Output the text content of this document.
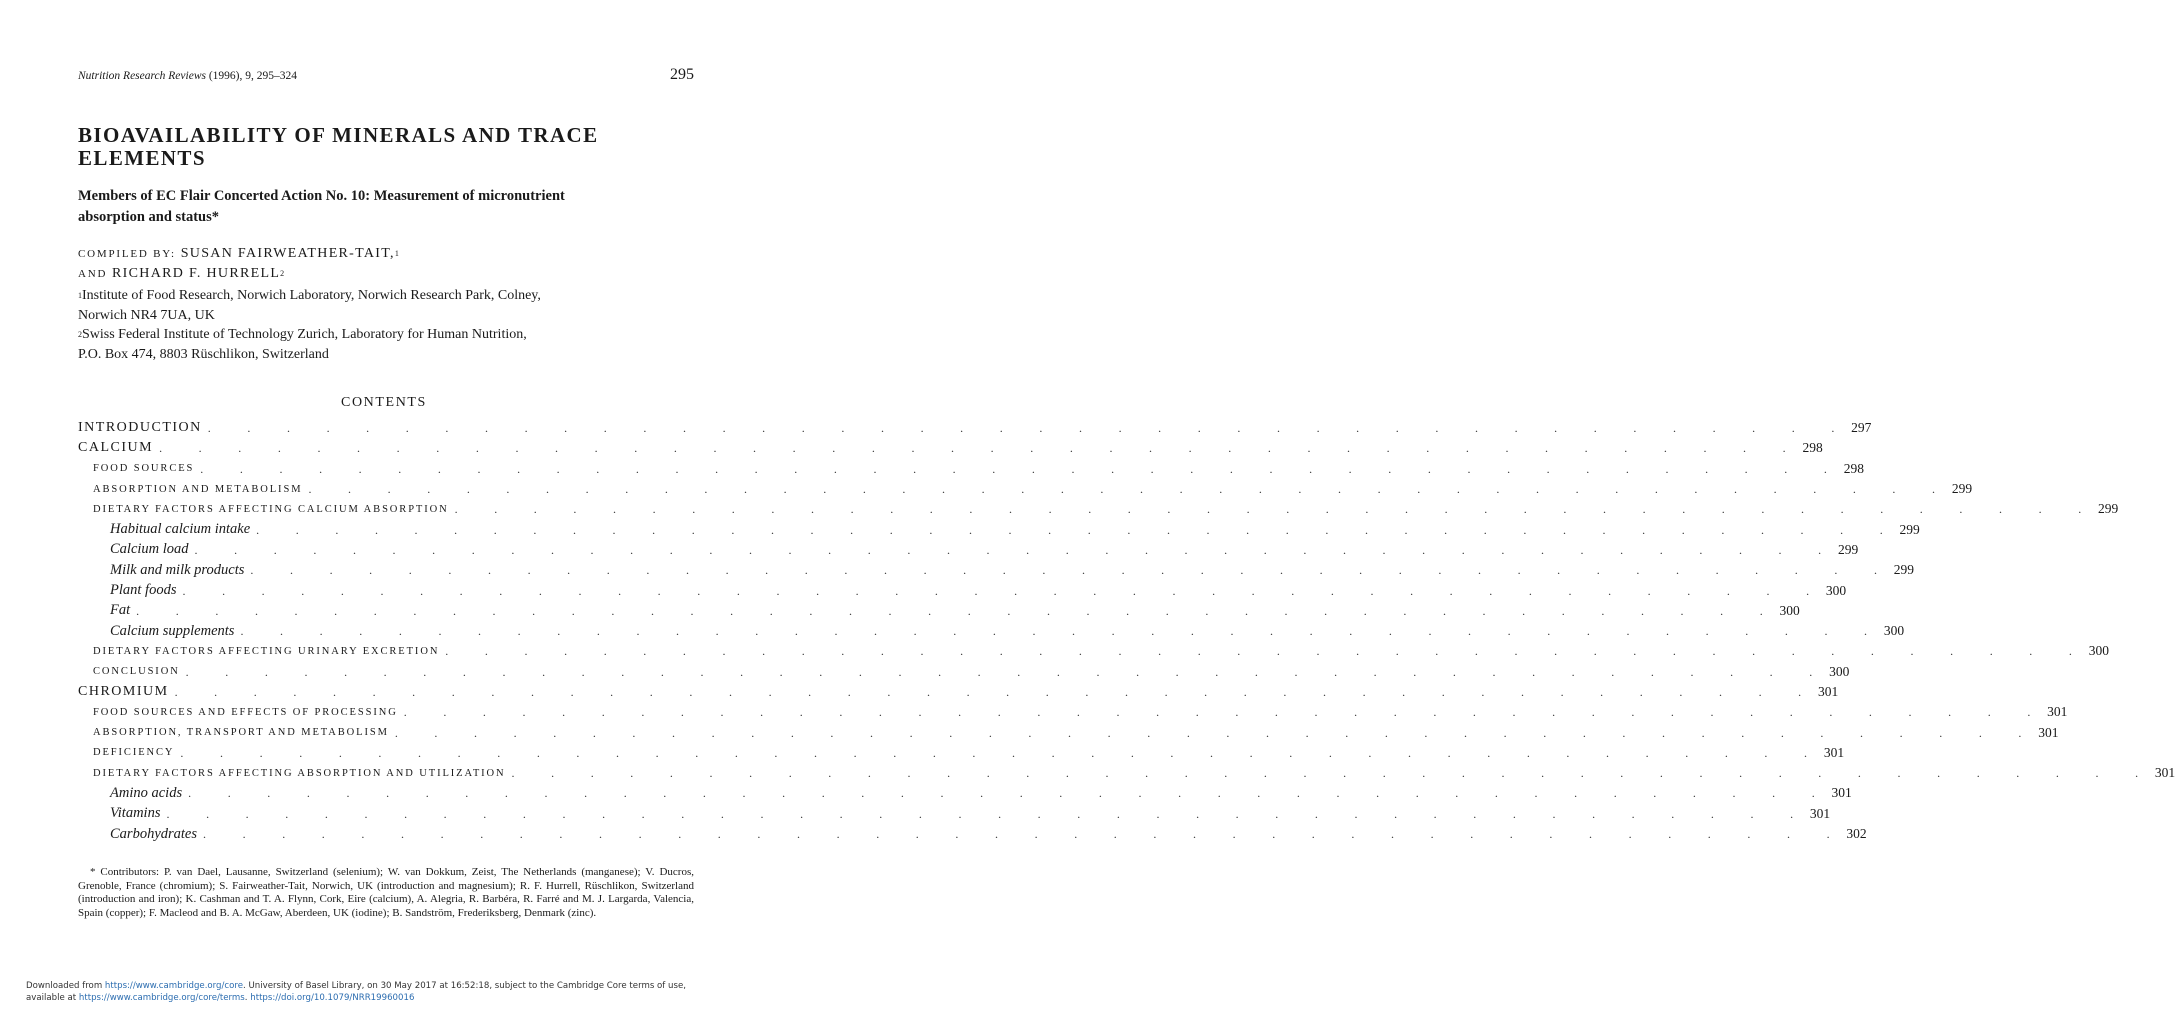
Nutrition Research Reviews (1996), 9, 295–324	295
BIOAVAILABILITY OF MINERALS AND TRACE
ELEMENTS
Members of EC Flair Concerted Action No. 10: Measurement of micronutrient
absorption and status*
COMPILED BY: SUSAN FAIRWEATHER-TAIT,$^1$
AND RICHARD F. HURRELL$^2$
$^1$Institute of Food Research, Norwich Laboratory, Norwich Research Park, Colney,
Norwich NR4 7UA, UK
$^2$Swiss Federal Institute of Technology Zurich, Laboratory for Human Nutrition,
P.O. Box 474, 8803 Rüschlikon, Switzerland
CONTENTS
INTRODUCTION . . . . . . . . . . . . . . . . . . . . . . . . . . . . . . . . . . . . . . . . . . 297
CALCIUM . . . . . . . . . . . . . . . . . . . . . . . . . . . . . . . . . . . . . . . . . . 298
FOOD SOURCES . . . . . . . . . . . . . . . . . . . . . . . . . . . . . . . . . . . . . . . . . . 298
ABSORPTION AND METABOLISM . . . . . . . . . . . . . . . . . . . . . . . . . . . . . . . . . . . . . . . . . . 299
DIETARY FACTORS AFFECTING CALCIUM ABSORPTION . . . . . . . . . . . . . . . . . . . . . . . . . . . . . . . . . . . . . . . . . . 299
Habitual calcium intake . . . . . . . . . . . . . . . . . . . . . . . . . . . . . . . . . . . . . . . . . . 299
Calcium load . . . . . . . . . . . . . . . . . . . . . . . . . . . . . . . . . . . . . . . . . . 299
Milk and milk products . . . . . . . . . . . . . . . . . . . . . . . . . . . . . . . . . . . . . . . . . . 299
Plant foods . . . . . . . . . . . . . . . . . . . . . . . . . . . . . . . . . . . . . . . . . . 300
Fat . . . . . . . . . . . . . . . . . . . . . . . . . . . . . . . . . . . . . . . . . . 300
Calcium supplements . . . . . . . . . . . . . . . . . . . . . . . . . . . . . . . . . . . . . . . . . . 300
DIETARY FACTORS AFFECTING URINARY EXCRETION . . . . . . . . . . . . . . . . . . . . . . . . . . . . . . . . . . . . . . . . . . 300
CONCLUSION . . . . . . . . . . . . . . . . . . . . . . . . . . . . . . . . . . . . . . . . . . 300
CHROMIUM . . . . . . . . . . . . . . . . . . . . . . . . . . . . . . . . . . . . . . . . . . 301
FOOD SOURCES AND EFFECTS OF PROCESSING . . . . . . . . . . . . . . . . . . . . . . . . . . . . . . . . . . . . . . . . . . 301
ABSORPTION, TRANSPORT AND METABOLISM . . . . . . . . . . . . . . . . . . . . . . . . . . . . . . . . . . . . . . . . . . 301
DEFICIENCY . . . . . . . . . . . . . . . . . . . . . . . . . . . . . . . . . . . . . . . . . . 301
DIETARY FACTORS AFFECTING ABSORPTION AND UTILIZATION . . . . . . . . . . . . . . . . . . . . . . . . . . . . . . . . . . . . . . . . . . 301
Amino acids . . . . . . . . . . . . . . . . . . . . . . . . . . . . . . . . . . . . . . . . . . 301
Vitamins . . . . . . . . . . . . . . . . . . . . . . . . . . . . . . . . . . . . . . . . . . 301
Carbohydrates . . . . . . . . . . . . . . . . . . . . . . . . . . . . . . . . . . . . . . . . . . 302
* Contributors: P. van Dael, Lausanne, Switzerland (selenium); W. van Dokkum, Zeist, The Netherlands (manganese); V. Ducros, Grenoble, France (chromium); S. Fairweather-Tait, Norwich, UK (introduction and magnesium); R. F. Hurrell, Rüschlikon, Switzerland (introduction and iron); K. Cashman and T. A. Flynn, Cork, Eire (calcium), A. Alegria, R. Barbéra, R. Farré and M. J. Largarda, Valencia, Spain (copper); F. Macleod and B. A. McGaw, Aberdeen, UK (iodine); B. Sandström, Frederiksberg, Denmark (zinc).
Downloaded from https://www.cambridge.org/core. University of Basel Library, on 30 May 2017 at 16:52:18, subject to the Cambridge Core terms of use,
available at https://www.cambridge.org/core/terms. https://doi.org/10.1079/NRR19960016
